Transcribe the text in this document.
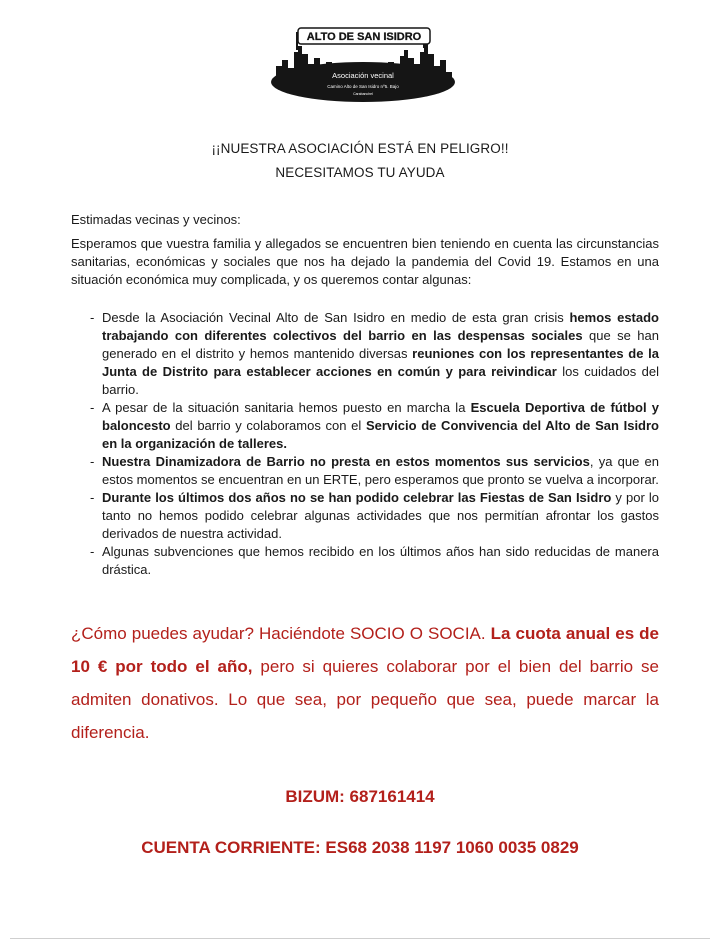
ALTO DE SAN ISIDRO
Asociación vecinal
Camino Alto de San Isidro nº5. Bajo
Carabanchel
¡¡NUESTRA ASOCIACIÓN ESTÁ EN PELIGRO!!
NECESITAMOS TU AYUDA
Estimadas vecinas y vecinos:
Esperamos que vuestra familia y allegados se encuentren bien teniendo en cuenta las circunstancias sanitarias, económicas y sociales que nos ha dejado la pandemia del Covid 19. Estamos en una situación económica muy complicada, y os queremos contar algunas:
- Desde la Asociación Vecinal Alto de San Isidro en medio de esta gran crisis hemos estado trabajando con diferentes colectivos del barrio en las despensas sociales que se han generado en el distrito y hemos mantenido diversas reuniones con los representantes de la Junta de Distrito para establecer acciones en común y para reivindicar los cuidados del barrio.
- A pesar de la situación sanitaria hemos puesto en marcha la Escuela Deportiva de fútbol y baloncesto del barrio y colaboramos con el Servicio de Convivencia del Alto de San Isidro en la organización de talleres.
- Nuestra Dinamizadora de Barrio no presta en estos momentos sus servicios, ya que en estos momentos se encuentran en un ERTE, pero esperamos que pronto se vuelva a incorporar.
- Durante los últimos dos años no se han podido celebrar las Fiestas de San Isidro y por lo tanto no hemos podido celebrar algunas actividades que nos permitían afrontar los gastos derivados de nuestra actividad.
- Algunas subvenciones que hemos recibido en los últimos años han sido reducidas de manera drástica.
¿Cómo puedes ayudar? Haciéndote SOCIO O SOCIA. La cuota anual es de 10 € por todo el año, pero si quieres colaborar por el bien del barrio se admiten donativos. Lo que sea, por pequeño que sea, puede marcar la diferencia.
BIZUM: 687161414
CUENTA CORRIENTE: ES68 2038 1197 1060 0035 0829
